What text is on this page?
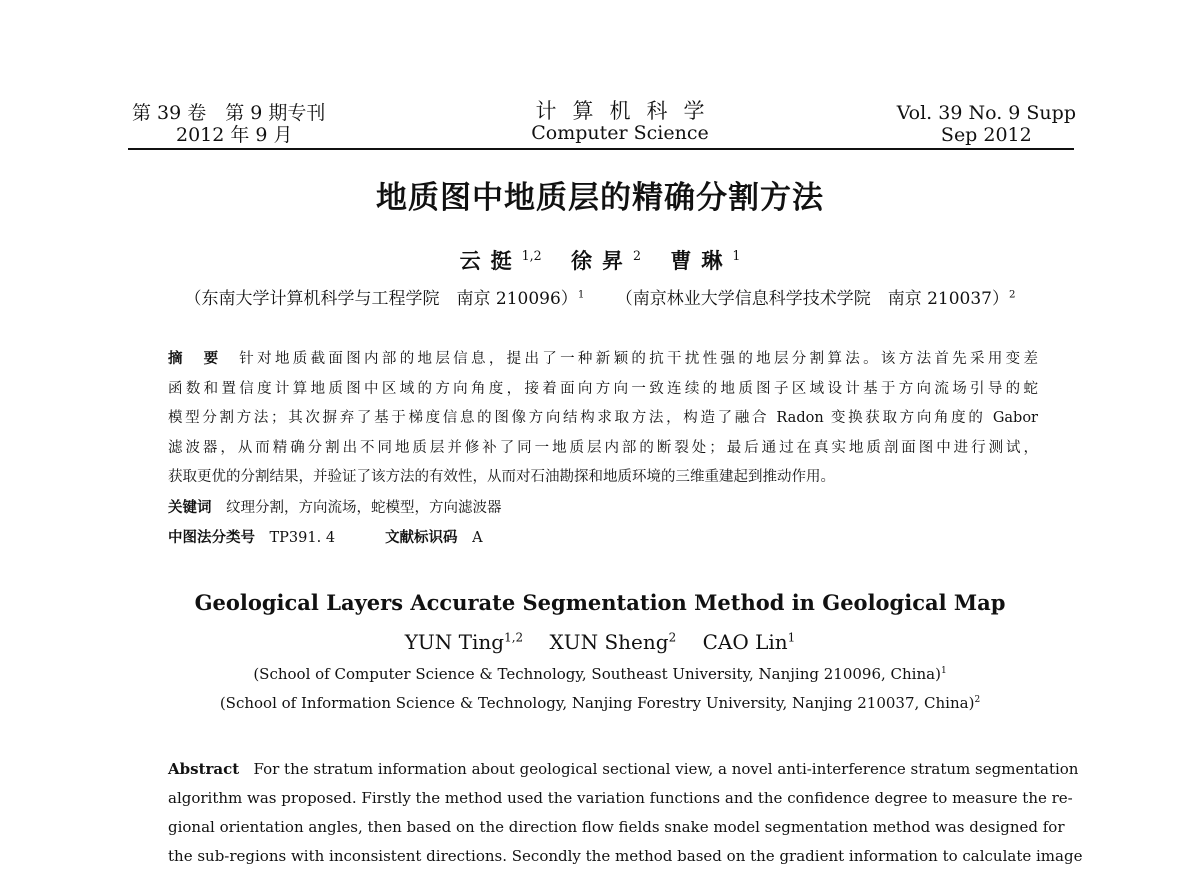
第 39 卷　第 9 期专刊
2012 年 9 月
计算机科学
Computer Science
Vol. 39 No. 9 Supp
Sep 2012
地质图中地质层的精确分割方法
云挺$^{1,2}$ 徐昇$^2$ 曹琳$^1$
（东南大学计算机科学与工程学院　南京 210096）$^1$ （南京林业大学信息科学技术学院　南京 210037）$^2$
摘　要　 针对地质截面图内部的地层信息，提出了一种新颖的抗干扰性强的地层分割算法。该方法首先采用变差
函数和置信度计算地质图中区域的方向角度，接着面向方向一致连续的地质图子区域设计基于方向流场引导的蛇
模型分割方法；其次摒弃了基于梯度信息的图像方向结构求取方法，构造了融合 Radon 变换获取方向角度的 Gabor
滤波器，从而精确分割出不同地质层并修补了同一地质层内部的断裂处；最后通过在真实地质剖面图中进行测试，
获取更优的分割结果，并验证了该方法的有效性，从而对石油勘探和地质环境的三维重建起到推动作用。
关键词　 纹理分割，方向流场，蛇模型，方向滤波器
中图法分类号　 TP391. 4	文献标识码　 A
Geological Layers Accurate Segmentation Method in Geological Map
YUN Ting$^{1,2}$ XUN Sheng$^2$ CAO Lin$^1$
(School of Computer Science & Technology, Southeast University, Nanjing 210096, China)$^1$
(School of Information Science & Technology, Nanjing Forestry University, Nanjing 210037, China)$^2$
Abstract For the stratum information about geological sectional view, a novel anti-interference stratum segmentation
algorithm was proposed. Firstly the method used the variation functions and the confidence degree to measure the re-
gional orientation angles, then based on the direction flow fields snake model segmentation method was designed for
the sub-regions with inconsistent directions. Secondly the method based on the gradient information to calculate image
